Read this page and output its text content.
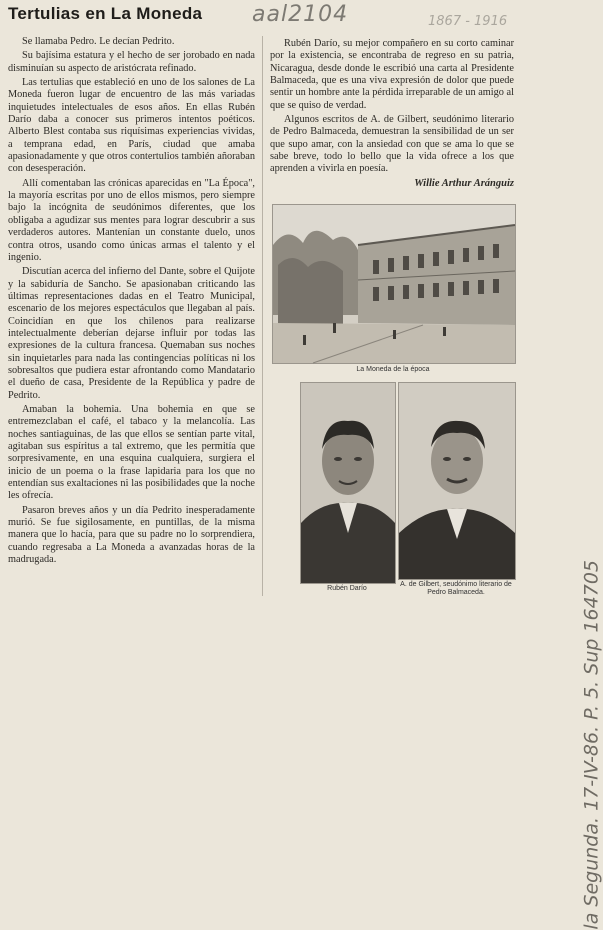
Tertulias en La Moneda aal2104	1867 - 1916
la Segunda. 17-IV-86. P. 5. Sup 164705

Se llamaba Pedro. Le decían Pedrito.

Su bajísima estatura y el hecho de ser jorobado en nada disminuían su aspecto de aristócrata refinado.

Las tertulias que estableció en uno de los salones de La Moneda fueron lugar de encuentro de las más variadas inquietudes intelectuales de esos años. En ellas Rubén Darío daba a conocer sus primeros intentos poéticos. Alberto Blest contaba sus riquísimas experiencias vividas, a temprana edad, en París, ciudad que amaba apasionadamente y que otros contertulios también añoraban con desesperación.

Allí comentaban las crónicas aparecidas en "La Época", la mayoría escritas por uno de ellos mismos, pero siempre bajo la incógnita de seudónimos diferentes, que los obligaba a agudizar sus mentes para lograr descubrir a sus verdaderos autores. Mantenían un constante duelo, unos contra otros, usando como únicas armas el talento y el ingenio.

Discutían acerca del infierno del Dante, sobre el Quijote y la sabiduría de Sancho. Se apasionaban criticando las últimas representaciones dadas en el Teatro Municipal, escenario de los mejores espectáculos que llegaban al país. Coincidían en que los chilenos para realizarse intelectualmente deberían dejarse influir por todas las expresiones de la cultura francesa. Quemaban sus noches sin inquietarles para nada las contingencias políticas ni los sobresaltos que pudiera estar afrontando como Mandatario el dueño de casa, Presidente de la República y padre de Pedrito.

Amaban la bohemia. Una bohemia en que se entremezclaban el café, el tabaco y la melancolía. Las noches santiaguinas, de las que ellos se sentían parte vital, agitaban sus espíritus a tal extremo, que les permitía que sorpresivamente, en una esquina cualquiera, surgiera el inicio de un poema o la frase lapidaria para los que no entendían sus exaltaciones ni las posibilidades que la noche les ofrecía.

Pasaron breves años y un día Pedrito inesperadamente murió. Se fue sigilosamente, en puntillas, de la misma manera que lo hacía, para que su padre no lo sorprendiera, cuando regresaba a La Moneda a avanzadas horas de la madrugada.

Rubén Darío, su mejor compañero en su corto caminar por la existencia, se encontraba de regreso en su patria, Nicaragua, desde donde le escribió una carta al Presidente Balmaceda, que es una viva expresión de dolor que puede sentir un hombre ante la pérdida irreparable de un amigo al que se quiso de verdad.

Algunos escritos de A. de Gilbert, seudónimo literario de Pedro Balmaceda, demuestran la sensibilidad de un ser que supo amar, con la ansiedad con que se ama lo que se sabe breve, todo lo bello que la vida ofrece a los que aprenden a vivirla en poesía.

Willie Arthur Aránguiz
La Moneda de la época
Rubén Darío
A. de Gilbert, seudónimo literario de Pedro Balmaceda.
